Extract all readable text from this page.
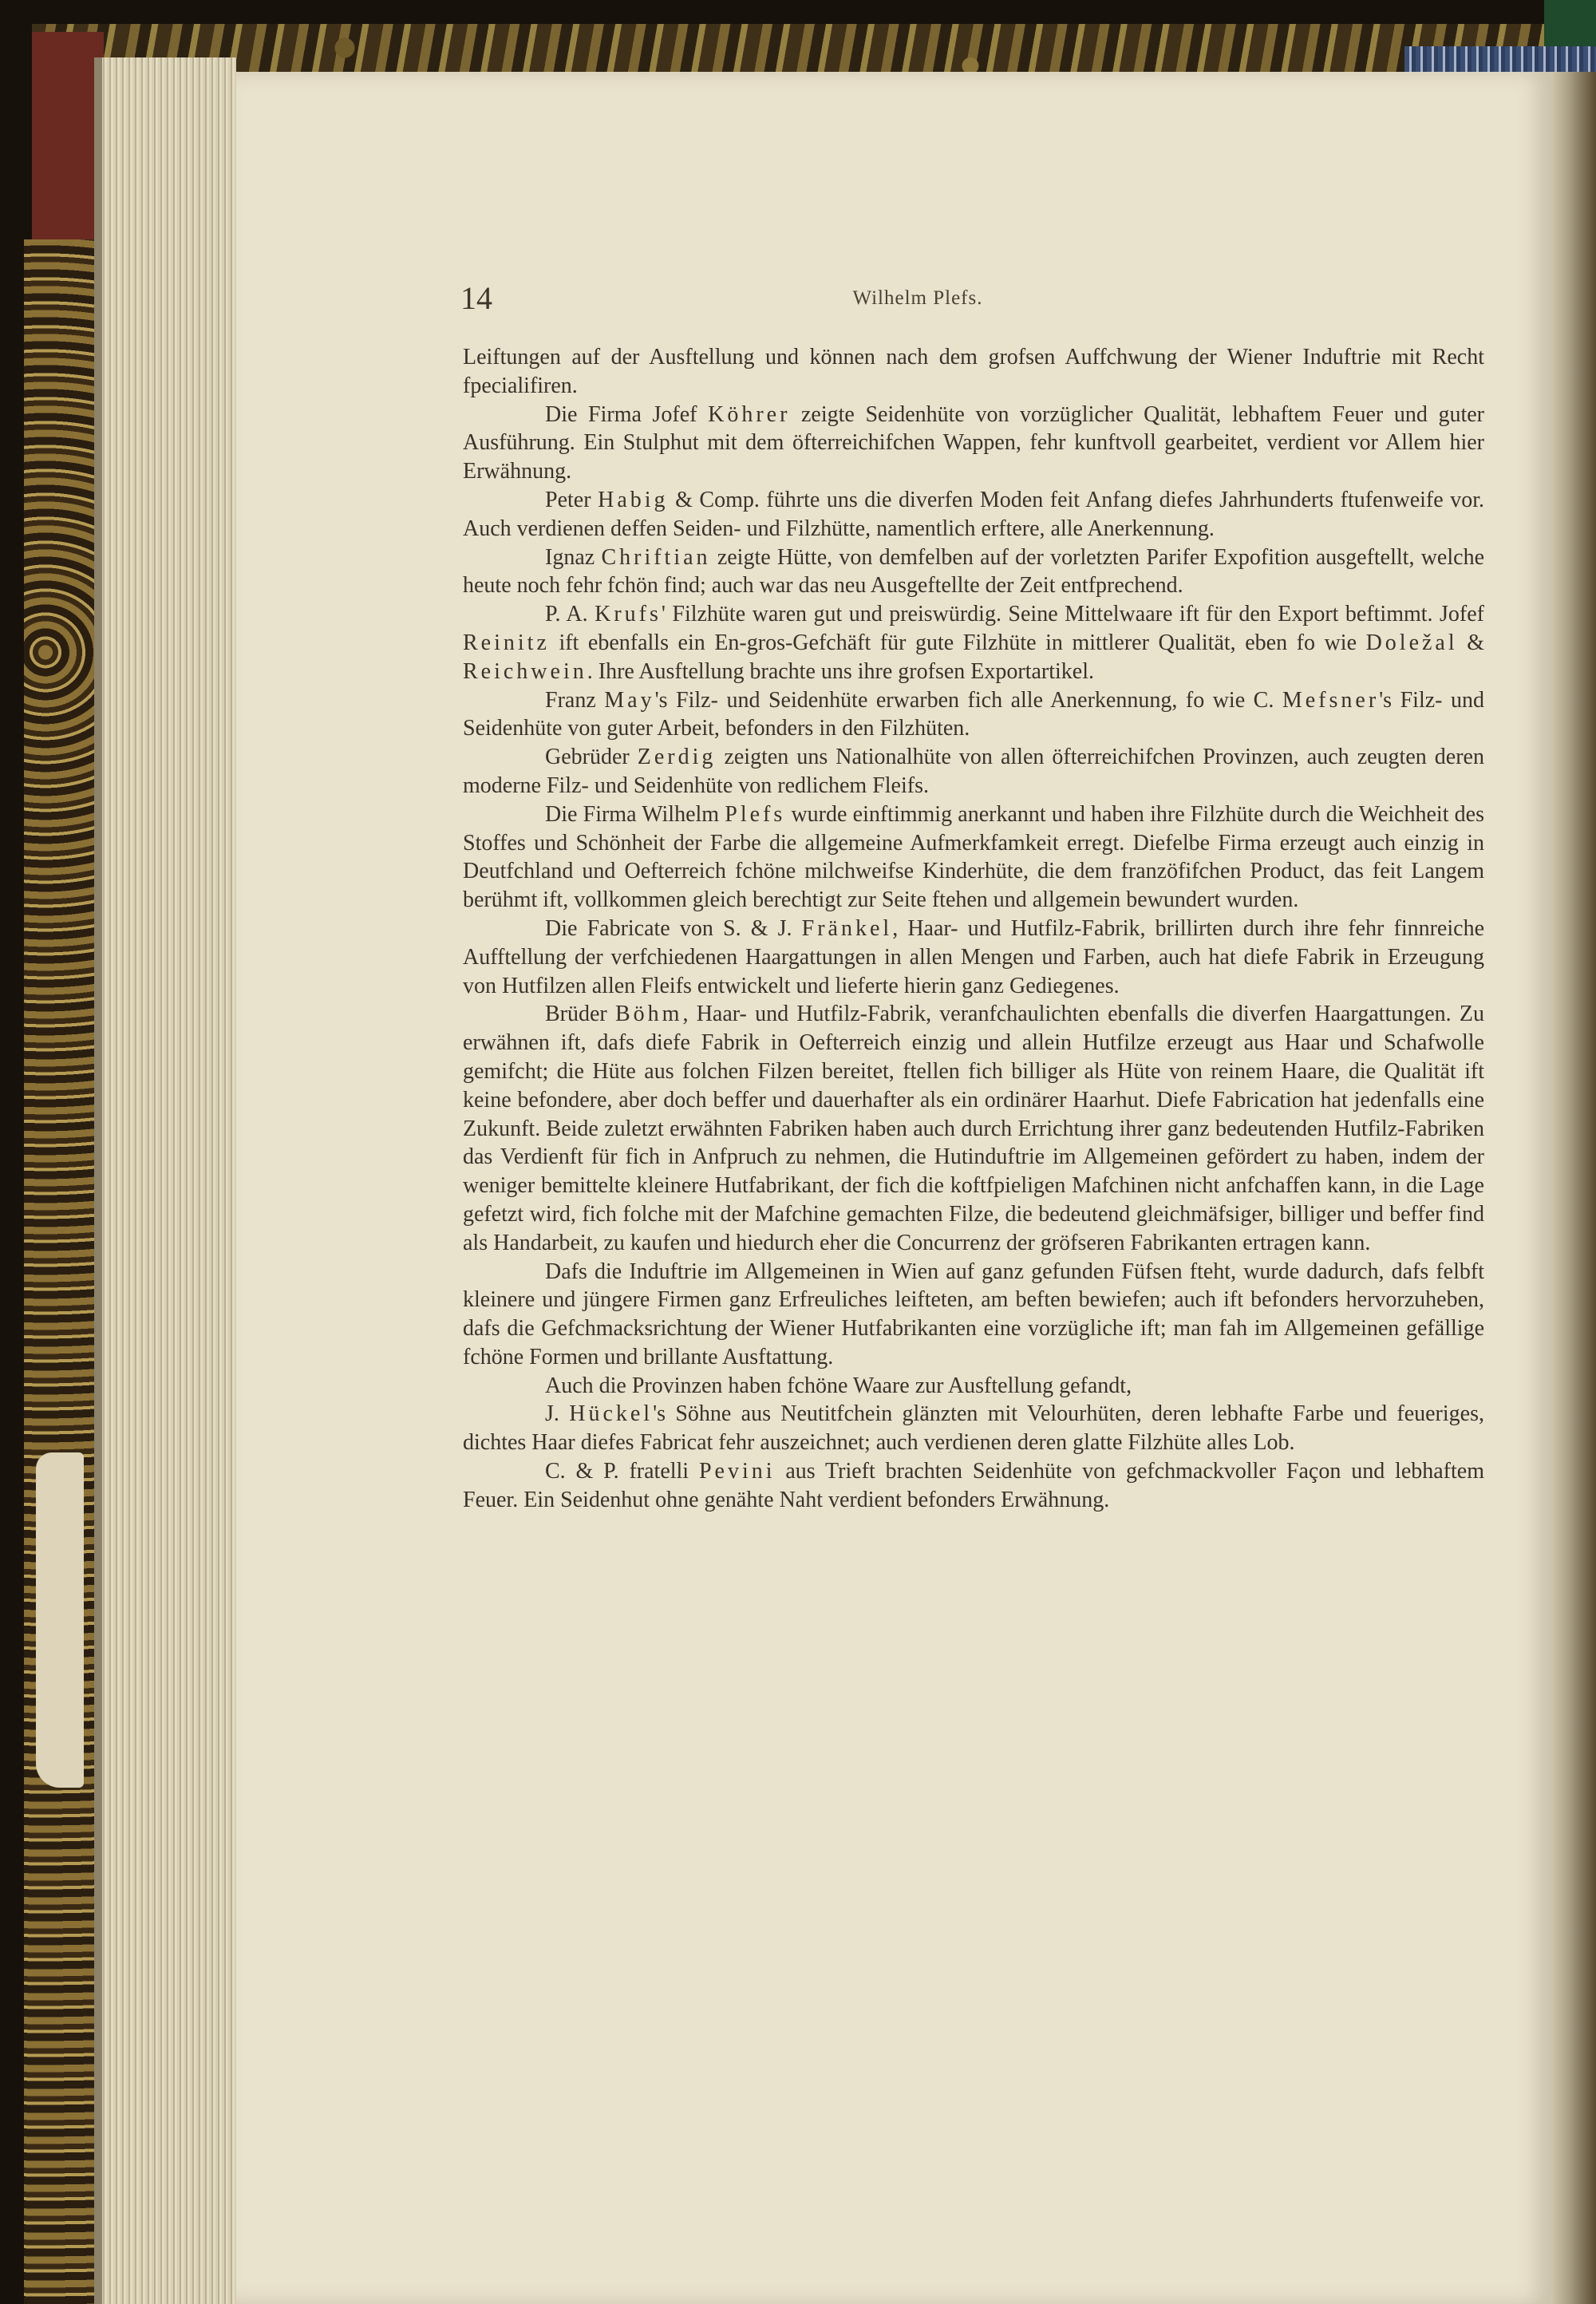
14	Wilhelm Plefs.

Leiftungen auf der Ausftellung und können nach dem grofsen Auffchwung der Wiener Induftrie mit Recht fpecialifiren.

Die Firma Jofef Köhrer zeigte Seidenhüte von vorzüglicher Qualität, lebhaftem Feuer und guter Ausführung. Ein Stulphut mit dem öfterreichifchen Wappen, fehr kunftvoll gearbeitet, verdient vor Allem hier Erwähnung.

Peter Habig & Comp. führte uns die diverfen Moden feit Anfang diefes Jahrhunderts ftufenweife vor. Auch verdienen deffen Seiden- und Filzhütte, namentlich erftere, alle Anerkennung.

Ignaz Chriftian zeigte Hütte, von demfelben auf der vorletzten Parifer Expofition ausgeftellt, welche heute noch fehr fchön find; auch war das neu Ausgeftellte der Zeit entfprechend.

P. A. Krufs' Filzhüte waren gut und preiswürdig. Seine Mittelwaare ift für den Export beftimmt. Jofef Reinitz ift ebenfalls ein En-gros-Gefchäft für gute Filzhüte in mittlerer Qualität, eben fo wie Doležal & Reichwein. Ihre Ausftellung brachte uns ihre grofsen Exportartikel.

Franz May's Filz- und Seidenhüte erwarben fich alle Anerkennung, fo wie C. Mefsner's Filz- und Seidenhüte von guter Arbeit, befonders in den Filzhüten.

Gebrüder Zerdig zeigten uns Nationalhüte von allen öfterreichifchen Provinzen, auch zeugten deren moderne Filz- und Seidenhüte von redlichem Fleifs.

Die Firma Wilhelm Plefs wurde einftimmig anerkannt und haben ihre Filzhüte durch die Weichheit des Stoffes und Schönheit der Farbe die allgemeine Aufmerkfamkeit erregt. Diefelbe Firma erzeugt auch einzig in Deutfchland und Oefterreich fchöne milchweifse Kinderhüte, die dem franzöfifchen Product, das feit Langem berühmt ift, vollkommen gleich berechtigt zur Seite ftehen und allgemein bewundert wurden.

Die Fabricate von S. & J. Fränkel, Haar- und Hutfilz-Fabrik, brillirten durch ihre fehr finnreiche Aufftellung der verfchiedenen Haargattungen in allen Mengen und Farben, auch hat diefe Fabrik in Erzeugung von Hutfilzen allen Fleifs entwickelt und lieferte hierin ganz Gediegenes.

Brüder Böhm, Haar- und Hutfilz-Fabrik, veranfchaulichten ebenfalls die diverfen Haargattungen. Zu erwähnen ift, dafs diefe Fabrik in Oefterreich einzig und allein Hutfilze erzeugt aus Haar und Schafwolle gemifcht; die Hüte aus folchen Filzen bereitet, ftellen fich billiger als Hüte von reinem Haare, die Qualität ift keine befondere, aber doch beffer und dauerhafter als ein ordinärer Haarhut. Diefe Fabrication hat jedenfalls eine Zukunft. Beide zuletzt erwähnten Fabriken haben auch durch Errichtung ihrer ganz bedeutenden Hutfilz-Fabriken das Verdienft für fich in Anfpruch zu nehmen, die Hutinduftrie im Allgemeinen gefördert zu haben, indem der weniger bemittelte kleinere Hutfabrikant, der fich die koftfpieligen Mafchinen nicht anfchaffen kann, in die Lage gefetzt wird, fich folche mit der Mafchine gemachten Filze, die bedeutend gleichmäfsiger, billiger und beffer find als Handarbeit, zu kaufen und hiedurch eher die Concurrenz der gröfseren Fabrikanten ertragen kann.

Dafs die Induftrie im Allgemeinen in Wien auf ganz gefunden Füfsen fteht, wurde dadurch, dafs felbft kleinere und jüngere Firmen ganz Erfreuliches leifteten, am beften bewiefen; auch ift befonders hervorzuheben, dafs die Gefchmacksrichtung der Wiener Hutfabrikanten eine vorzügliche ift; man fah im Allgemeinen gefällige fchöne Formen und brillante Ausftattung.

Auch die Provinzen haben fchöne Waare zur Ausftellung gefandt,

J. Hückel's Söhne aus Neutitfchein glänzten mit Velourhüten, deren lebhafte Farbe und feueriges, dichtes Haar diefes Fabricat fehr auszeichnet; auch verdienen deren glatte Filzhüte alles Lob.

C. & P. fratelli Pevini aus Trieft brachten Seidenhüte von gefchmackvoller Façon und lebhaftem Feuer. Ein Seidenhut ohne genähte Naht verdient befonders Erwähnung.
